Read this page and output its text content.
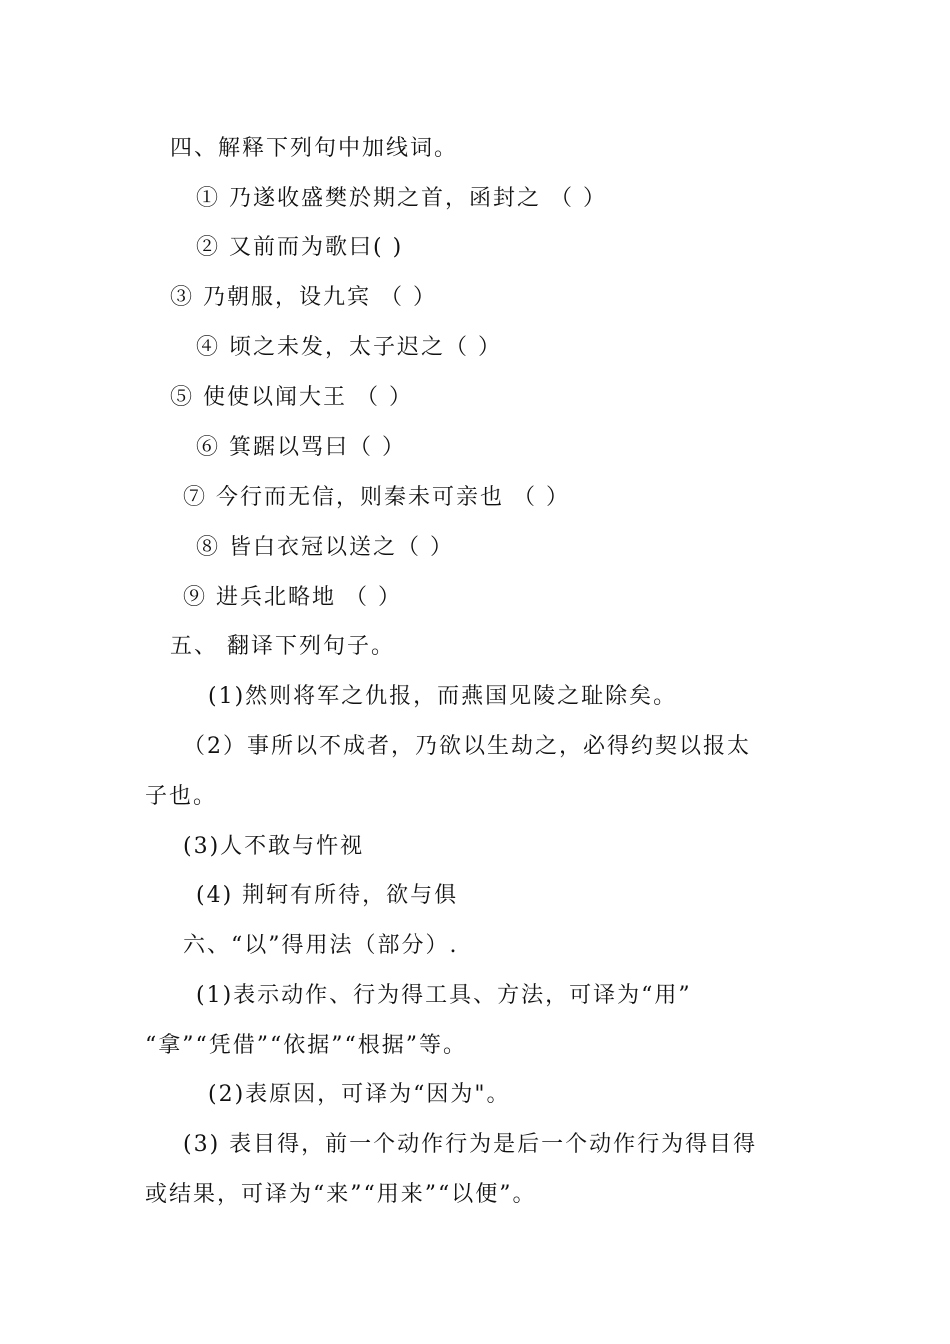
四、解释下列句中加线词。
① 乃遂收盛樊於期之首，函封之 （ ）
② 又前而为歌曰( )
③ 乃朝服，设九宾 （ ）
④ 顷之未发，太子迟之（ ）
⑤ 使使以闻大王 （ ）
⑥ 箕踞以骂曰（ ）
⑦ 今行而无信，则秦未可亲也 （ ）
⑧ 皆白衣冠以送之（ ）
⑨ 进兵北略地 （ ）
五、 翻译下列句子。
(1)然则将军之仇报，而燕国见陵之耻除矣。
（2）事所以不成者，乃欲以生劫之，必得约契以报太
子也。
(3)人不敢与忤视
(4) 荆轲有所待，欲与俱
六、“以”得用法（部分）.
(1)表示动作、行为得工具、方法，可译为“用”
“拿”“凭借”“依据”“根据”等。
(2)表原因，可译为“因为"。
(3) 表目得，前一个动作行为是后一个动作行为得目得
或结果，可译为“来”“用来”“以便”。
